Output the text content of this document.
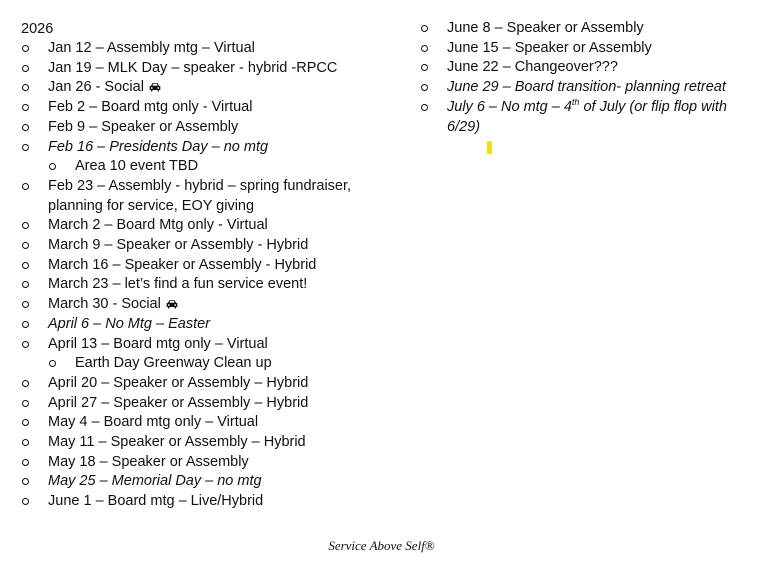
2026
Jan 12 – Assembly mtg – Virtual
Jan 19 – MLK Day – speaker - hybrid -RPCC
Jan 26 - Social
Feb 2 – Board mtg only - Virtual
Feb 9 – Speaker or Assembly
Feb 16 – Presidents Day – no mtg
Area 10 event TBD
Feb 23 – Assembly - hybrid – spring fundraiser, planning for service, EOY giving
March 2 – Board Mtg only - Virtual
March 9 – Speaker or Assembly - Hybrid
March 16 – Speaker or Assembly - Hybrid
March 23 – let’s find a fun service event!
March 30 - Social
April 6 – No Mtg – Easter
April 13 – Board mtg only – Virtual
Earth Day Greenway Clean up
April 20 – Speaker or Assembly – Hybrid
April 27 – Speaker or Assembly – Hybrid
May 4 – Board mtg only – Virtual
May 11 – Speaker or Assembly – Hybrid
May 18 – Speaker or Assembly
May 25 – Memorial Day – no mtg
June 1 – Board mtg – Live/Hybrid
June 8 – Speaker or Assembly
June 15 – Speaker or Assembly
June 22 – Changeover???
June 29 – Board transition- planning retreat
July 6 – No mtg – 4th of July (or flip flop with 6/29)
Service Above Self®
